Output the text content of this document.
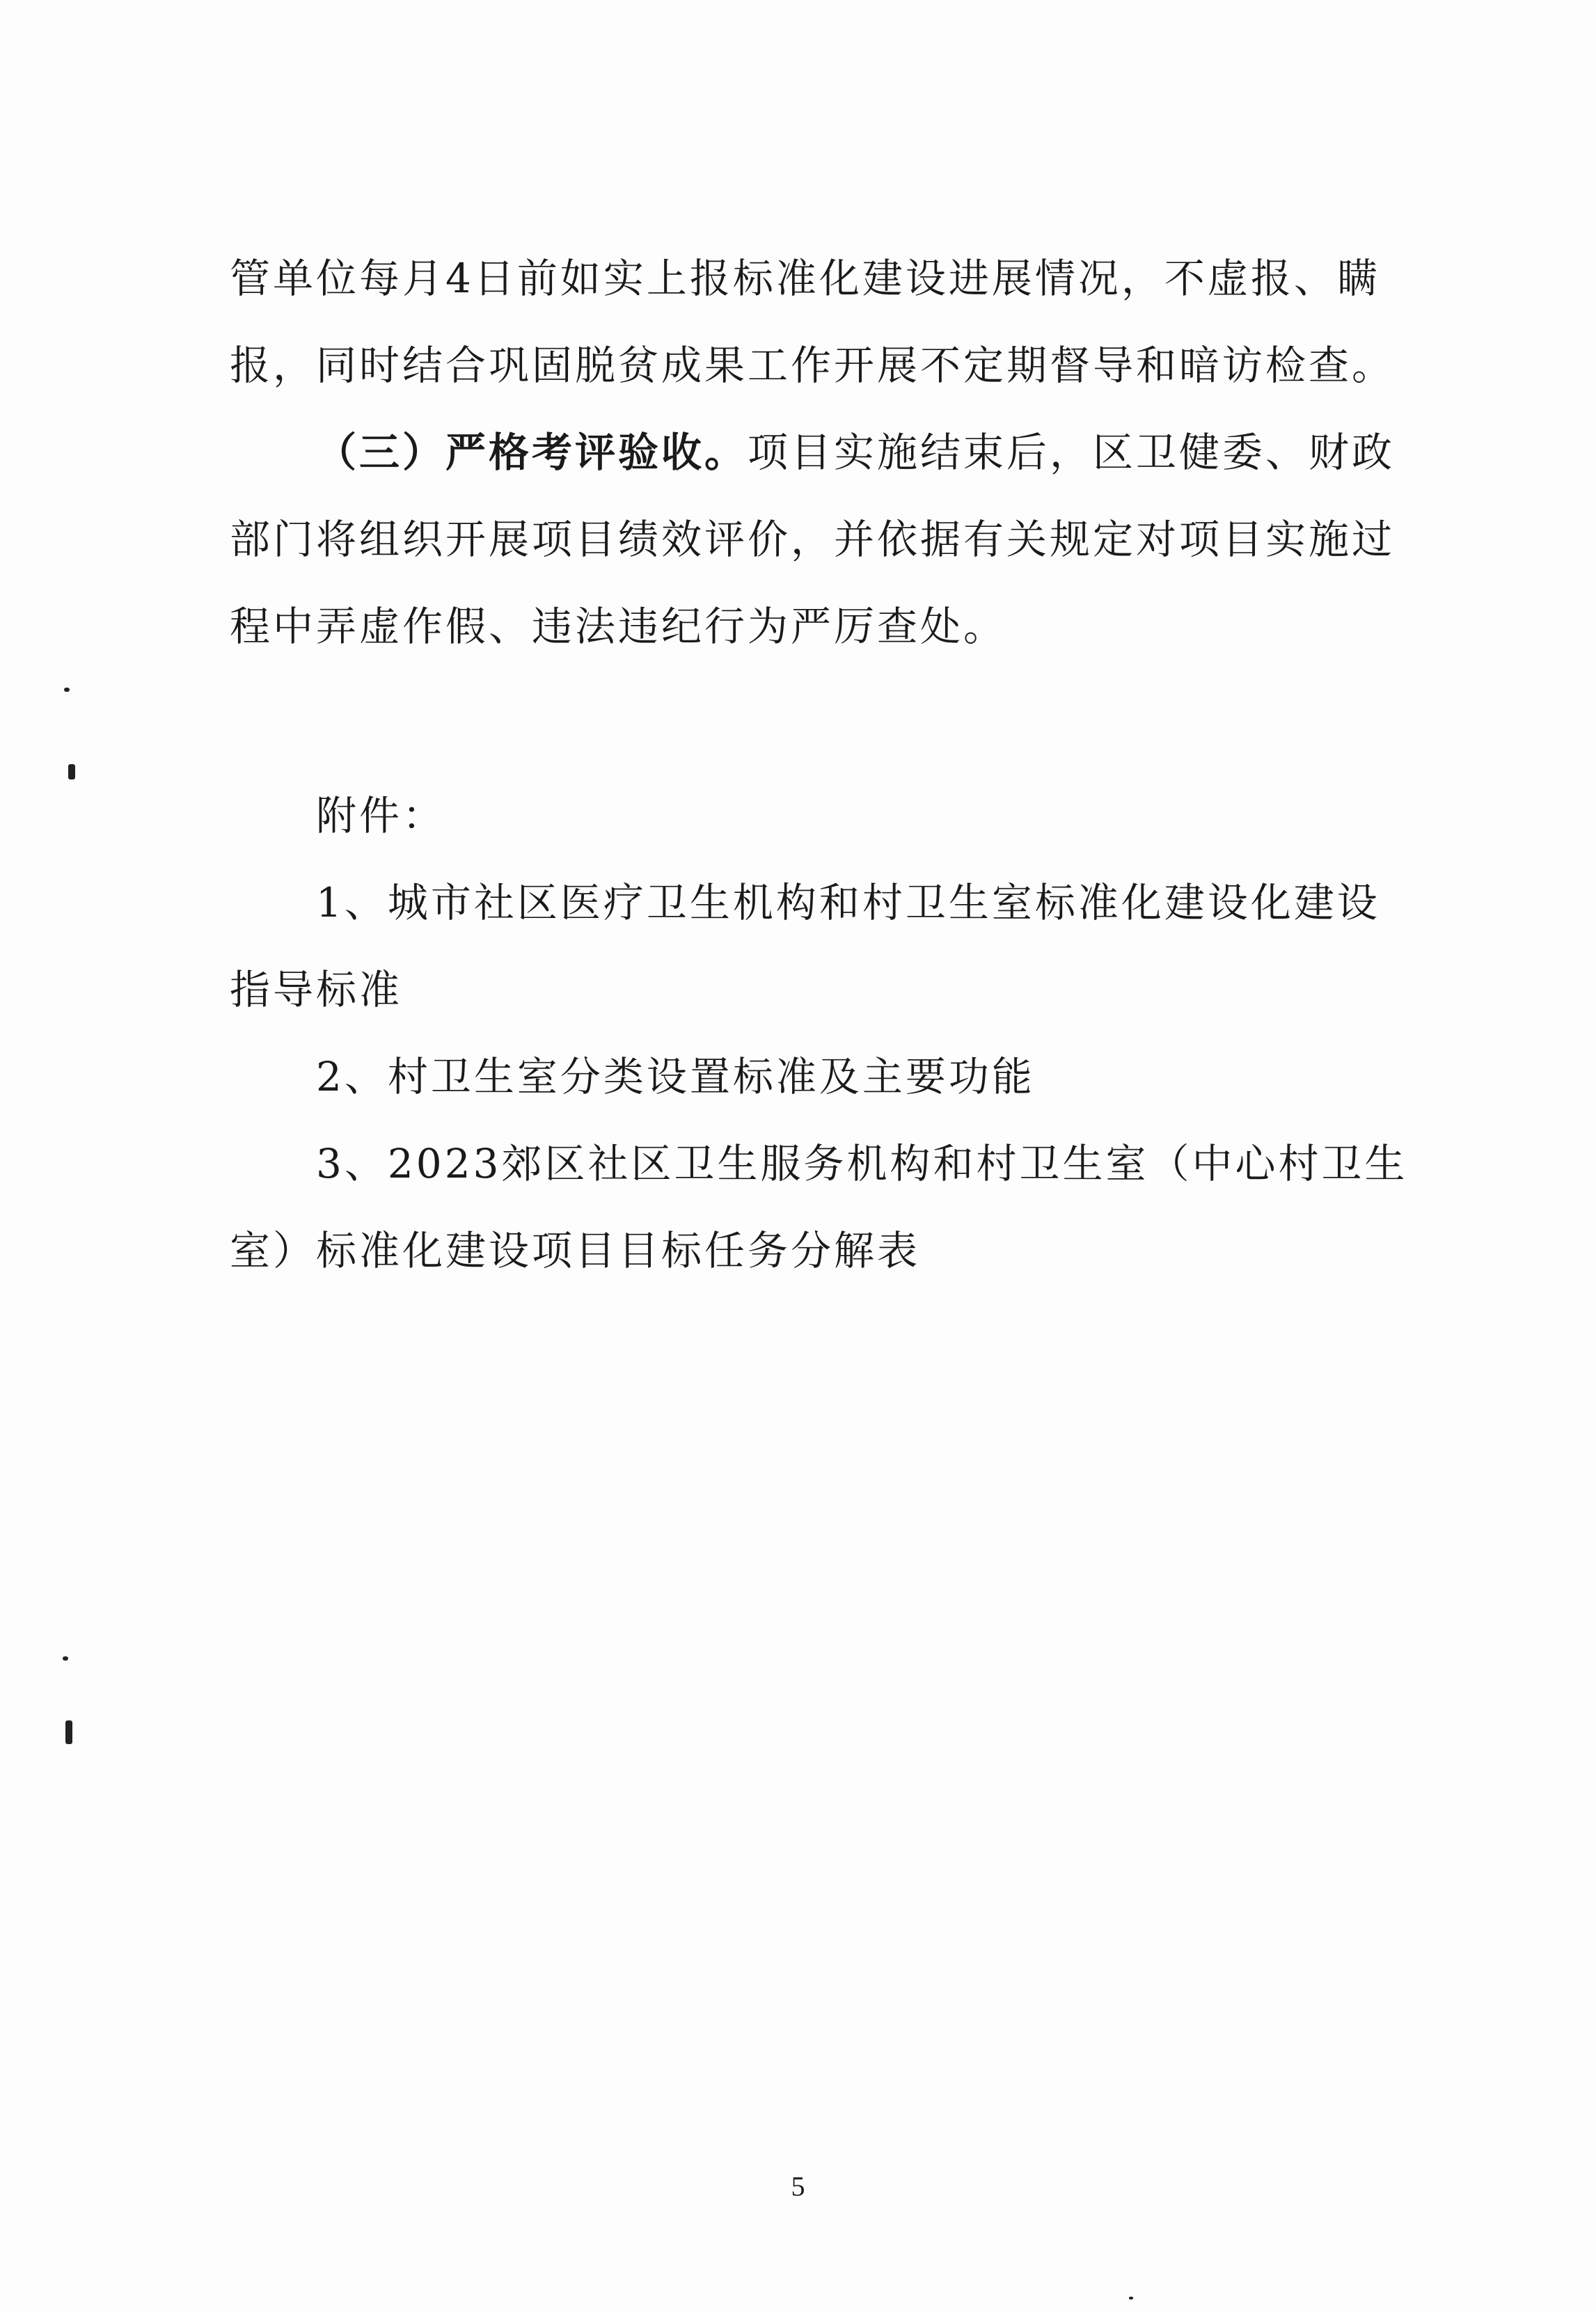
管单位每月4日前如实上报标准化建设进展情况，不虚报、瞒
报，同时结合巩固脱贫成果工作开展不定期督导和暗访检查。
（三）严格考评验收。项目实施结束后，区卫健委、财政
部门将组织开展项目绩效评价，并依据有关规定对项目实施过
程中弄虚作假、违法违纪行为严厉查处。
附件：
1、城市社区医疗卫生机构和村卫生室标准化建设化建设
指导标准
2、村卫生室分类设置标准及主要功能
3、2023郊区社区卫生服务机构和村卫生室（中心村卫生
室）标准化建设项目目标任务分解表
5
